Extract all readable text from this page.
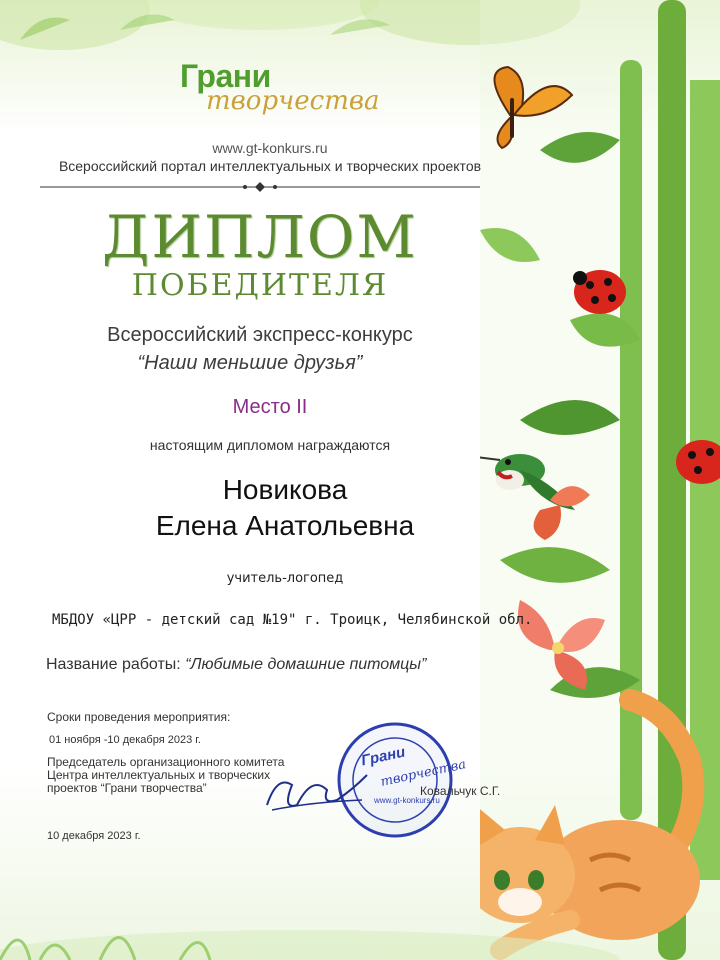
Грани
творчества
www.gt-konkurs.ru
Всероссийский портал интеллектуальных и творческих проектов
ДИПЛОМ
ПОБЕДИТЕЛЯ
Всероссийский экспресс-конкурс
“Наши меньшие друзья”
Место II
настоящим дипломом награждаются
Новикова
Елена Анатольевна
учитель-логопед
МБДОУ «ЦРР - детский сад №19" г. Троицк, Челябинской обл.
Название работы: “Любимые домашние питомцы”
Сроки проведения мероприятия:
01 ноября -10 декабря 2023 г.
Председатель организационного комитета
Центра интеллектуальных и творческих
проектов “Грани творчества”
Грани
творчества
www.gt-konkurs.ru
Ковальчук С.Г.
10 декабря 2023 г.
